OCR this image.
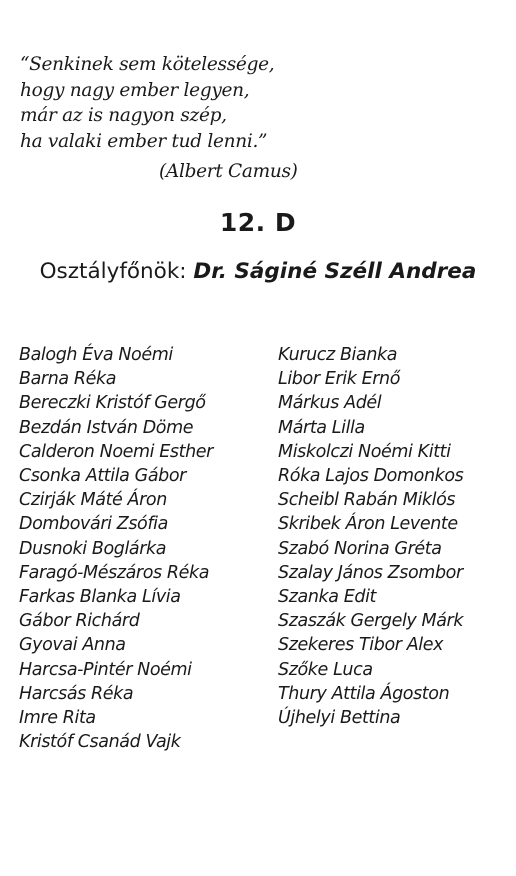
“Senkinek sem kötelessége,
hogy nagy ember legyen,
már az is nagyon szép,
ha valaki ember tud lenni.”
(Albert Camus)
12. D
Osztályfőnök: Dr. Ságiné Széll Andrea
Balogh Éva Noémi
Barna Réka
Bereczki Kristóf Gergő
Bezdán István Döme
Calderon Noemi Esther
Csonka Attila Gábor
Czirják Máté Áron
Dombovári Zsófia
Dusnoki Boglárka
Faragó-Mészáros Réka
Farkas Blanka Lívia
Gábor Richárd
Gyovai Anna
Harcsa-Pintér Noémi
Harcsás Réka
Imre Rita
Kristóf Csanád Vajk
Kurucz Bianka
Libor Erik Ernő
Márkus Adél
Márta Lilla
Miskolczi Noémi Kitti
Róka Lajos Domonkos
Scheibl Rabán Miklós
Skribek Áron Levente
Szabó Norina Gréta
Szalay János Zsombor
Szanka Edit
Szaszák Gergely Márk
Szekeres Tibor Alex
Szőke Luca
Thury Attila Ágoston
Újhelyi Bettina
